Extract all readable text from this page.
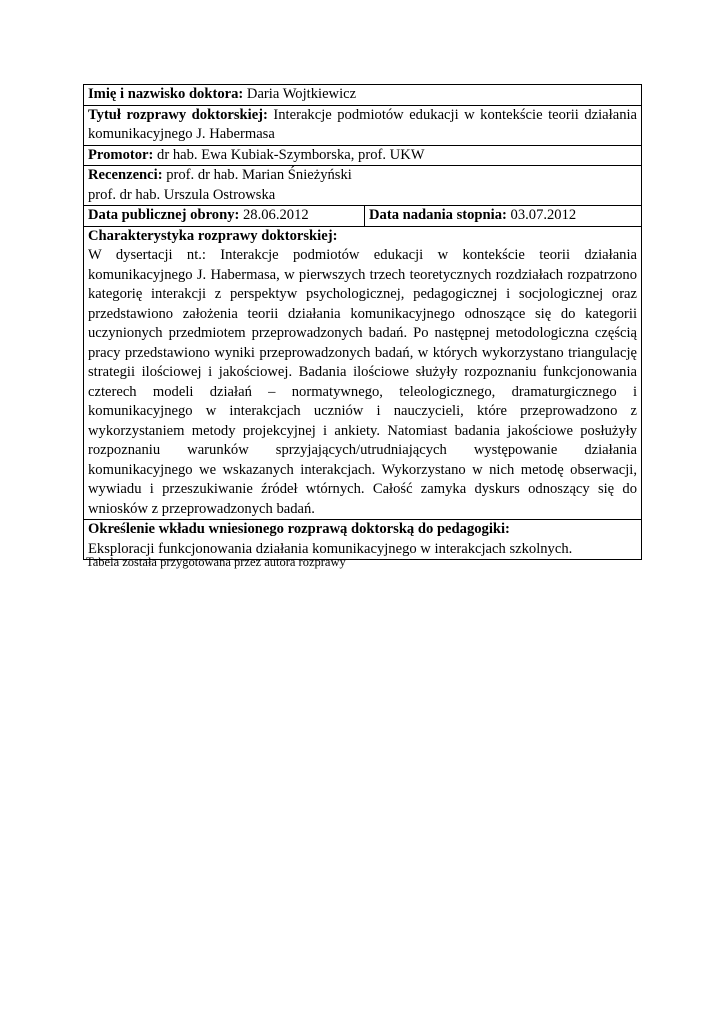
Imię i nazwisko doktora: Daria Wojtkiewicz
Tytuł rozprawy doktorskiej: Interakcje podmiotów edukacji w kontekście teorii działania komunikacyjnego J. Habermasa
Promotor: dr hab. Ewa Kubiak-Szymborska, prof. UKW

Recenzenci: prof. dr hab. Marian Śnieżyński
prof. dr hab. Urszula Ostrowska

Data publicznej obrony: 28.06.2012	Data nadania stopnia: 03.07.2012

Charakterystyka rozprawy doktorskiej:
W dysertacji nt.: Interakcje podmiotów edukacji w kontekście teorii działania komunikacyjnego J. Habermasa, w pierwszych trzech teoretycznych rozdziałach rozpatrzono kategorię interakcji z perspektyw psychologicznej, pedagogicznej i socjologicznej oraz przedstawiono założenia teorii działania komunikacyjnego odnoszące się do kategorii uczynionych przedmiotem przeprowadzonych badań. Po następnej metodologiczna częścią pracy przedstawiono wyniki przeprowadzonych badań, w których wykorzystano triangulację strategii ilościowej i jakościowej. Badania ilościowe służyły rozpoznaniu funkcjonowania czterech modeli działań – normatywnego, teleologicznego, dramaturgicznego i komunikacyjnego w interakcjach uczniów i nauczycieli, które przeprowadzono z wykorzystaniem metody projekcyjnej i ankiety. Natomiast badania jakościowe posłużyły rozpoznaniu warunków sprzyjających/utrudniających występowanie działania komunikacyjnego we wskazanych interakcjach. Wykorzystano w nich metodę obserwacji, wywiadu i przeszukiwanie źródeł wtórnych. Całość zamyka dyskurs odnoszący się do wniosków z przeprowadzonych badań.

Określenie wkładu wniesionego rozprawą doktorską do pedagogiki:
Eksploracji funkcjonowania działania komunikacyjnego w interakcjach szkolnych.
Tabela została przygotowana przez autora rozprawy
